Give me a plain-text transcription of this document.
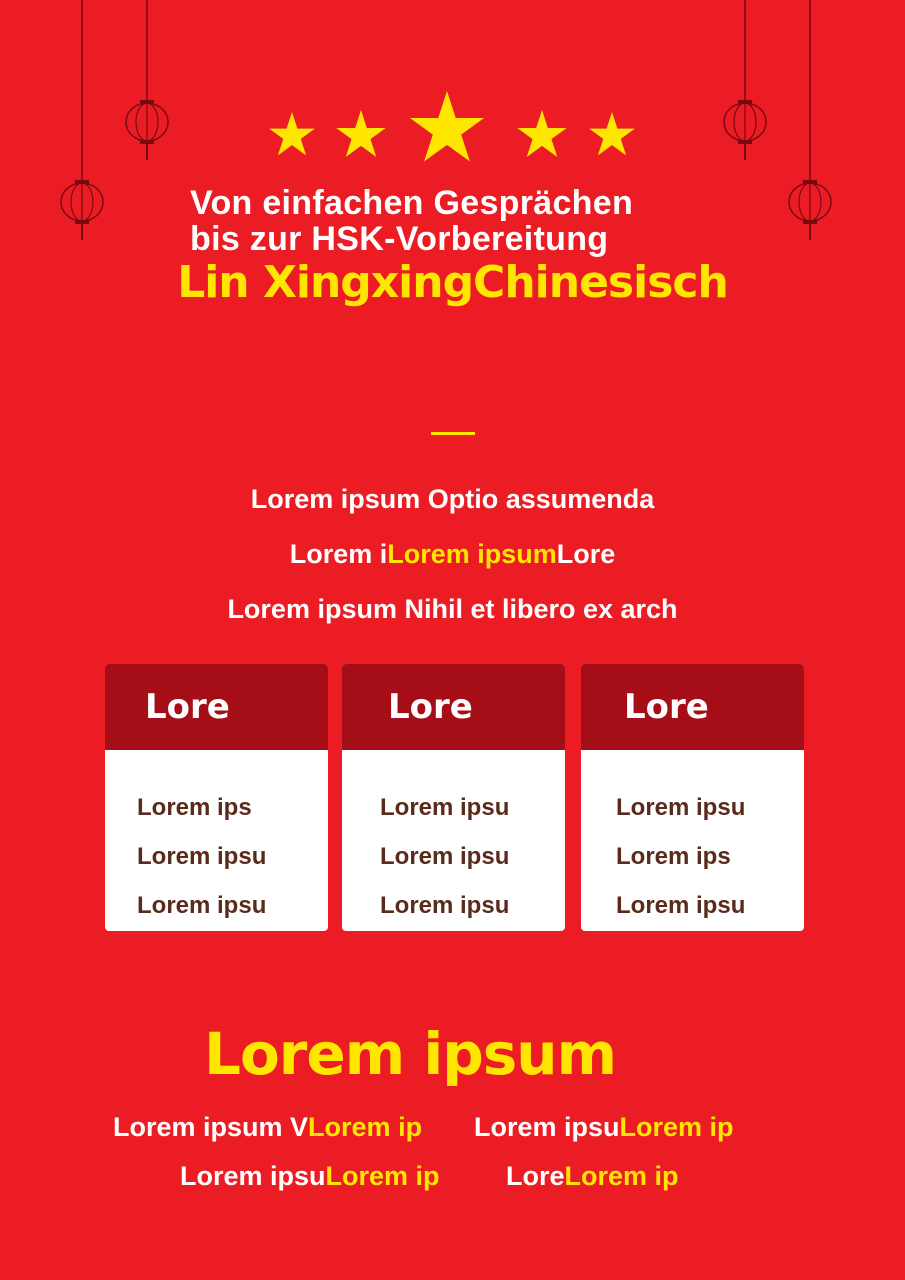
Von einfachen Gesprächen
bis zur HSK-Vorbereitung
Lin XingxingChinesisch
Lorem ipsum Optio assumenda
Lorem iLorem ipsumLore
Lorem ipsum Nihil et libero ex arch
Lore
Lorem ips
Lorem ipsu
Lorem ipsu
Lore
Lorem ipsu
Lorem ipsu
Lorem ipsu
Lore
Lorem ipsu
Lorem ips
Lorem ipsu
Lorem ipsum
Lorem ipsum VLorem ip Lorem ipsuLorem ip
Lorem ipsuLorem ip LoreLorem ip
